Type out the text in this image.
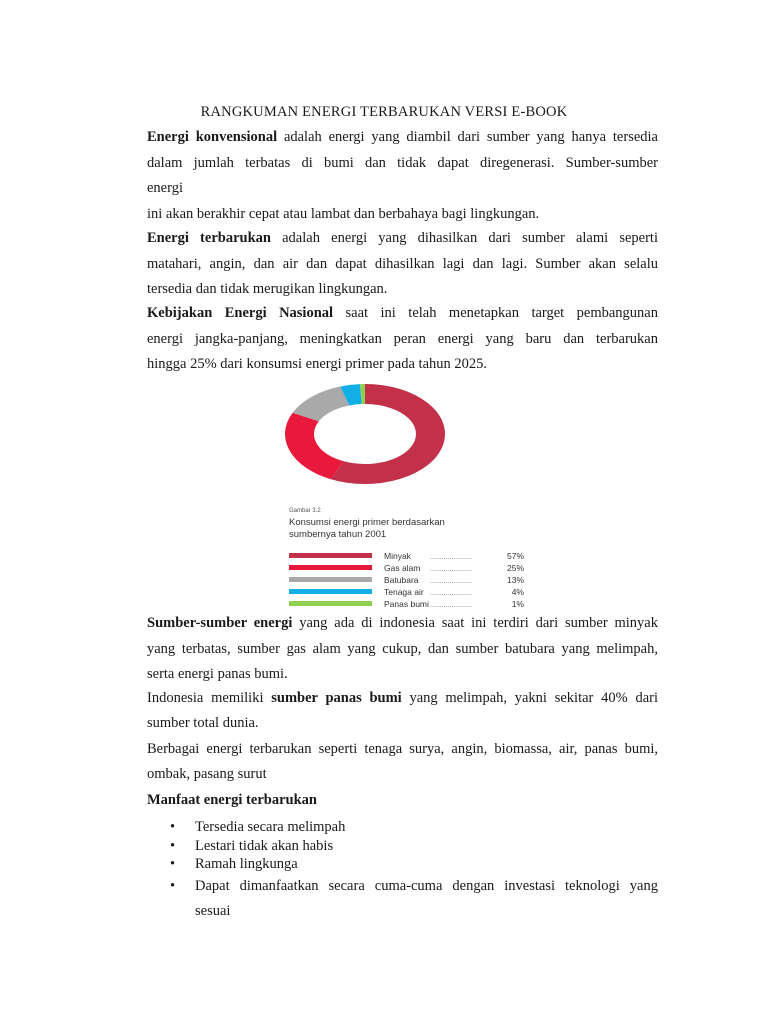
RANGKUMAN ENERGI TERBARUKAN VERSI E-BOOK

Energi konvensional adalah energi yang diambil dari sumber yang hanya tersedia
dalam jumlah terbatas di bumi dan tidak dapat diregenerasi. Sumber-sumber

energi
ini akan berakhir cepat atau lambat dan berbahaya bagi lingkungan.

Energi terbarukan adalah energi yang dihasilkan dari sumber alami seperti
matahari, angin, dan air dan dapat dihasilkan lagi dan lagi. Sumber akan selalu

tersedia dan tidak merugikan lingkungan.

Kebijakan Energi Nasional saat ini telah menetapkan target pembangunan
energi jangka-panjang, meningkatkan peran energi yang baru dan terbarukan

hingga 25% dari konsumsi energi primer pada tahun 2025.

Gambar 3.2
Konsumsi energi primer berdasarkan
sumbernya tahun 2001
Minyak	......................	57%
Gas alam ......................	25%
Batubara ......................	13%
Tenaga air ......................	4%
Panas bumi ......................	1%

Sumber-sumber energi yang ada di indonesia saat ini terdiri dari sumber minyak
yang terbatas, sumber gas alam yang cukup, dan sumber batubara yang melimpah,

serta energi panas bumi.

Indonesia memiliki sumber panas bumi yang melimpah, yakni sekitar 40% dari

sumber total dunia.

Berbagai energi terbarukan seperti tenaga surya, angin, biomassa, air, panas bumi,

ombak, pasang surut

Manfaat energi terbarukan

• Tersedia secara melimpah
• Lestari tidak akan habis
• Ramah lingkunga
• Dapat dimanfaatkan secara cuma-cuma dengan investasi teknologi yang
sesuai
